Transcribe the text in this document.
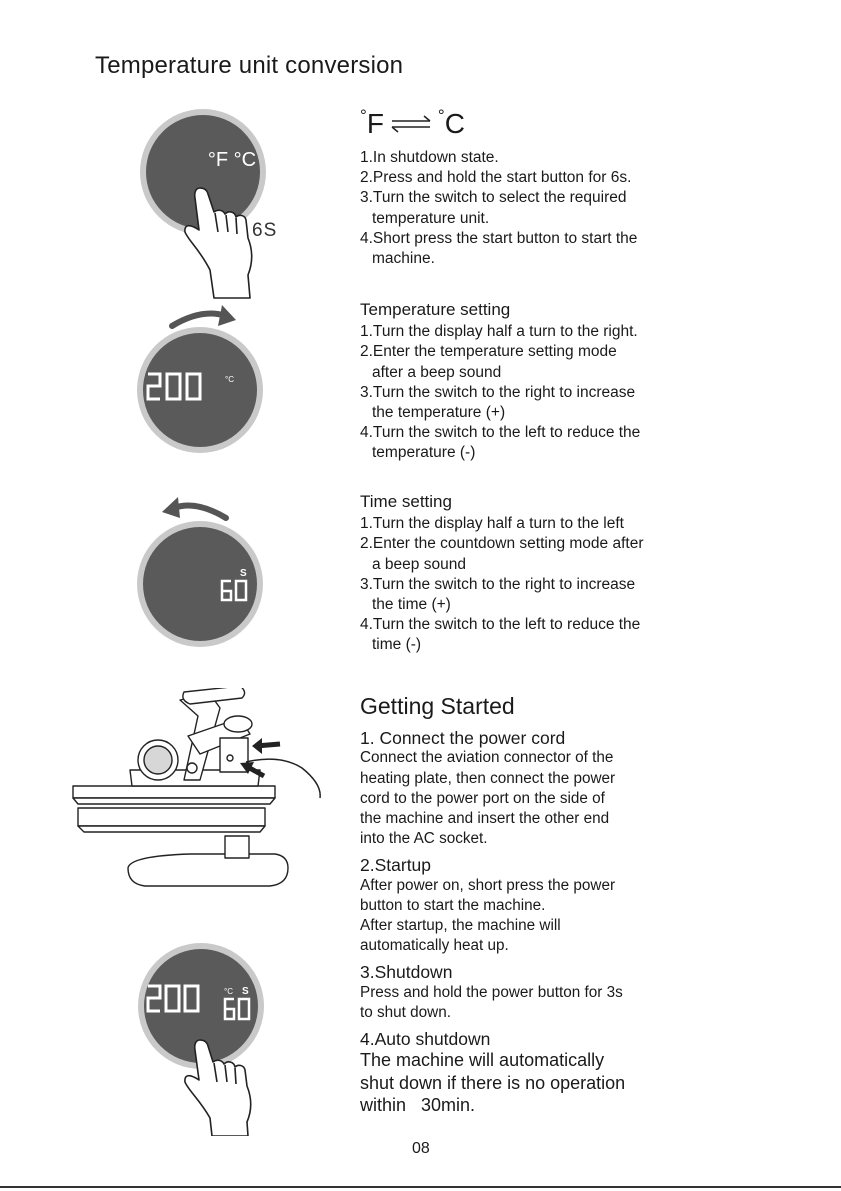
Temperature unit conversion
°F °C
6S
° F	° C
1.In shutdown state.
2.Press and hold the start button for 6s.
3.Turn the switch to select the required
temperature unit.
4.Short press the start button to start the
machine.
°C
Temperature setting
1.Turn the display half a turn to the right.
2.Enter the temperature setting mode
after a beep sound
3.Turn the switch to the right to increase
the temperature (+)
4.Turn the switch to the left to reduce the
temperature (-)
S
Time setting
1.Turn the display half a turn to the left
2.Enter the countdown setting mode after
a beep sound
3.Turn the switch to the right to increase
the time (+)
4.Turn the switch to the left to reduce the
time (-)
Getting Started
1. Connect the power cord
Connect the aviation connector of the
heating plate, then connect the power
cord to the power port on the side of
the machine and insert the other end
into the AC socket.
2.Startup
After power on, short press the power
button to start the machine.
After startup, the machine will
automatically heat up.
3.Shutdown
Press and hold the power button for 3s
to shut down.
4.Auto shutdown
The machine will automatically
shut down if there is no operation
within   30min.
°C S
08
